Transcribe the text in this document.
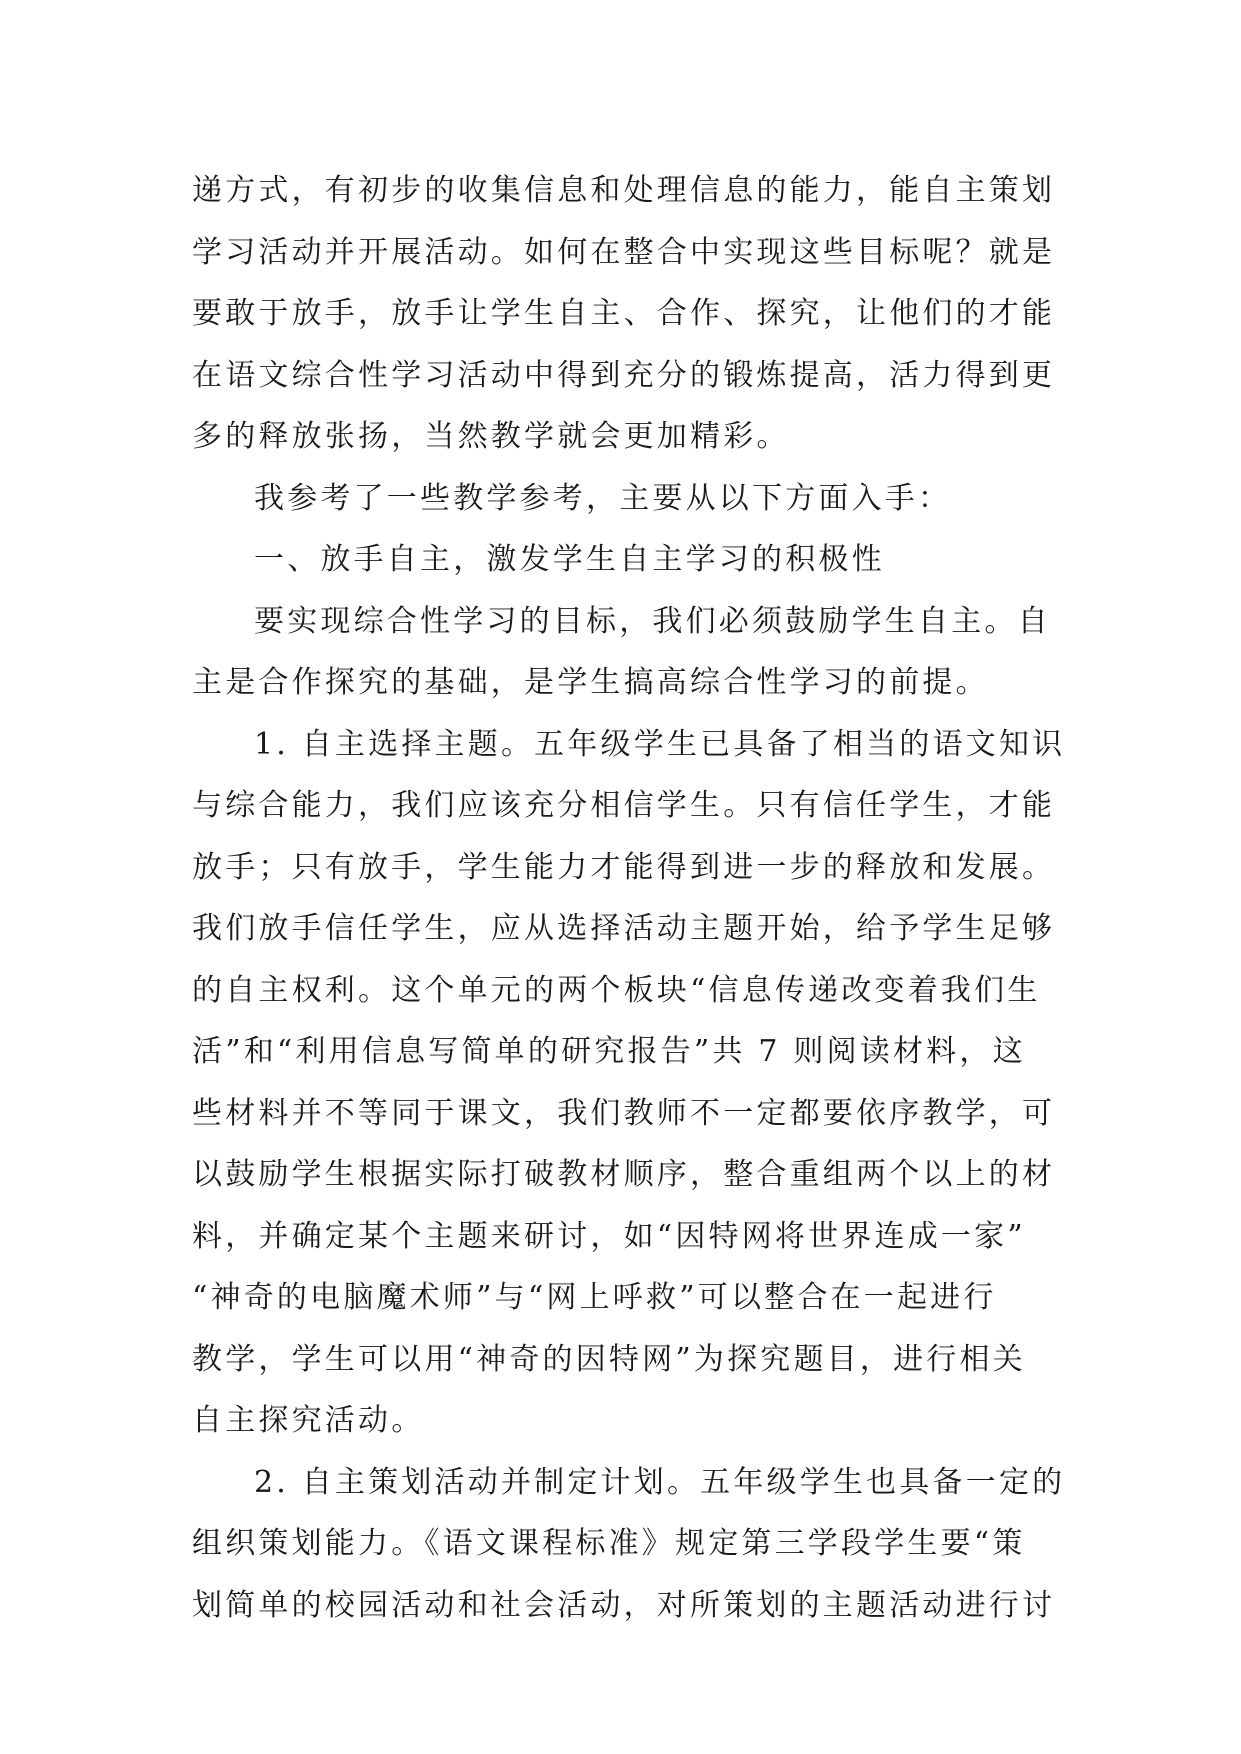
递方式，有初步的收集信息和处理信息的能力，能自主策划
学习活动并开展活动。如何在整合中实现这些目标呢？就是
要敢于放手，放手让学生自主、合作、探究，让他们的才能
在语文综合性学习活动中得到充分的锻炼提高，活力得到更
多的释放张扬，当然教学就会更加精彩。
我参考了一些教学参考，主要从以下方面入手：
一、放手自主，激发学生自主学习的积极性
要实现综合性学习的目标，我们必须鼓励学生自主。自
主是合作探究的基础，是学生搞高综合性学习的前提。
1. 自主选择主题。五年级学生已具备了相当的语文知识
与综合能力，我们应该充分相信学生。只有信任学生，才能
放手；只有放手，学生能力才能得到进一步的释放和发展。
我们放手信任学生，应从选择活动主题开始，给予学生足够
的自主权利。这个单元的两个板块“信息传递改变着我们生
活”和“利用信息写简单的研究报告”共 7 则阅读材料，这
些材料并不等同于课文，我们教师不一定都要依序教学，可
以鼓励学生根据实际打破教材顺序，整合重组两个以上的材
料，并确定某个主题来研讨，如“因特网将世界连成一家”
“神奇的电脑魔术师”与“网上呼救”可以整合在一起进行
教学，学生可以用“神奇的因特网”为探究题目，进行相关
自主探究活动。
2. 自主策划活动并制定计划。五年级学生也具备一定的
组织策划能力。《语文课程标准》规定第三学段学生要“策
划简单的校园活动和社会活动，对所策划的主题活动进行讨
